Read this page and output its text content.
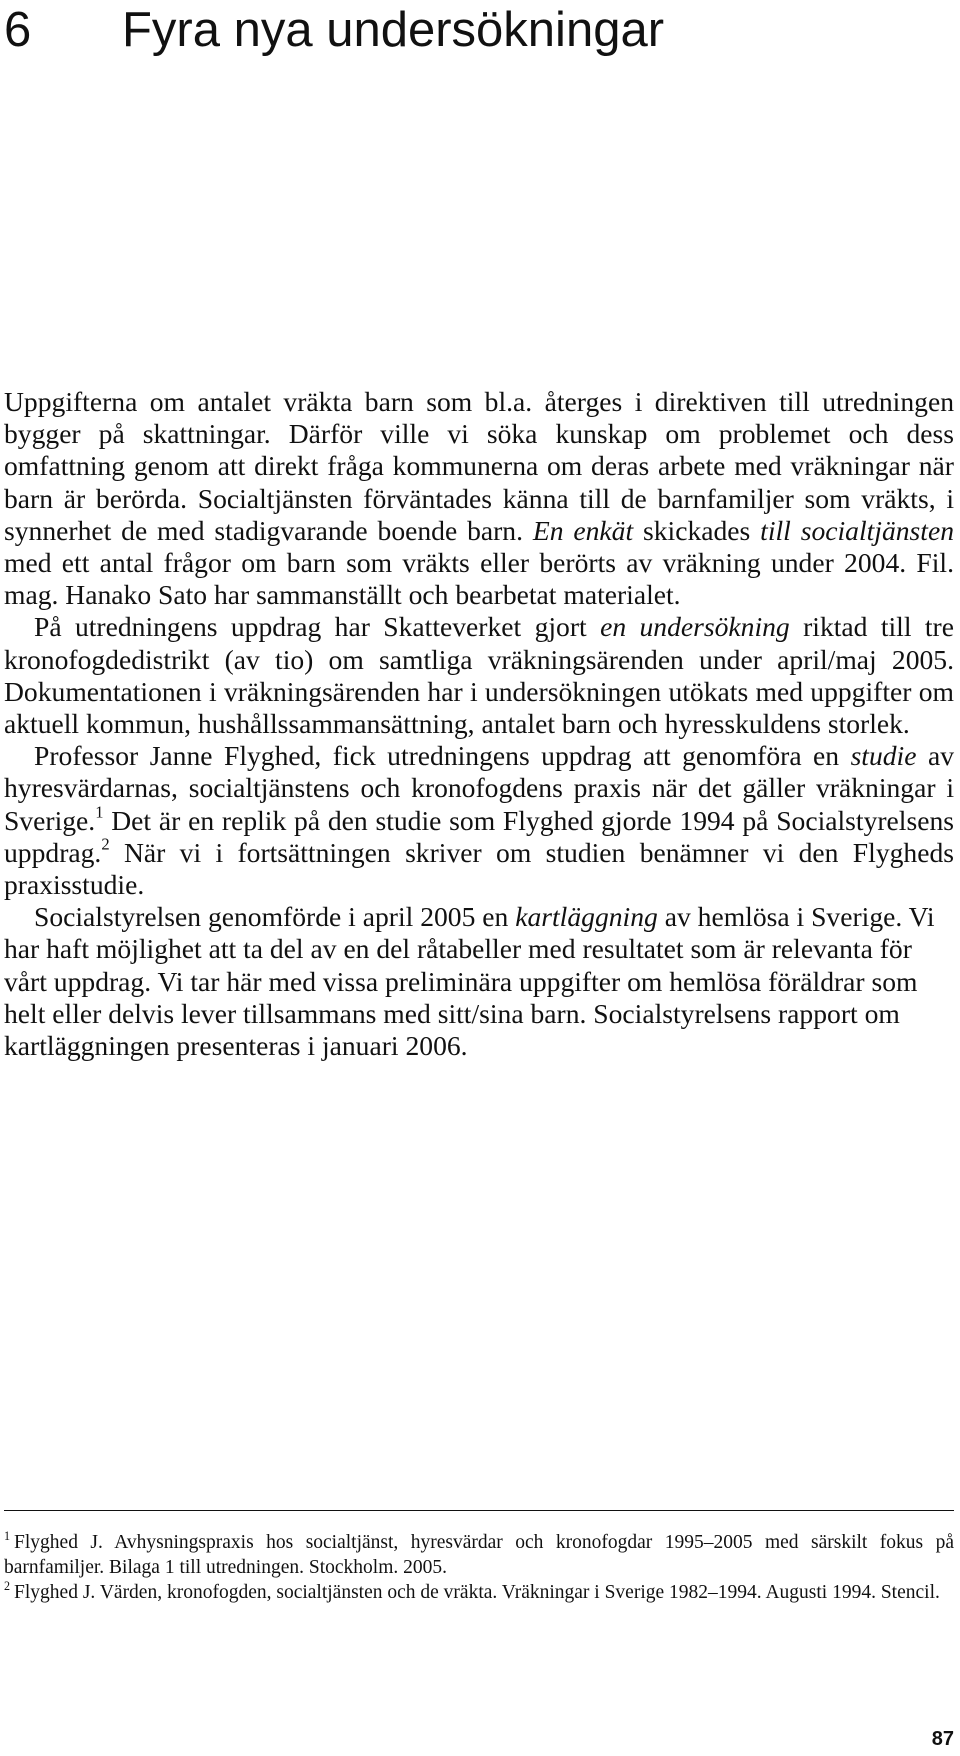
6 Fyra nya undersökningar

Uppgifterna om antalet vräkta barn som bl.a. återges i direktiven till utredningen bygger på skattningar. Därför ville vi söka kunskap om problemet och dess omfattning genom att direkt fråga kommunerna om deras arbete med vräkningar när barn är berörda. Socialtjänsten förväntades känna till de barnfamiljer som vräkts, i synnerhet de med stadigvarande boende barn. En enkät skickades till socialtjänsten med ett antal frågor om barn som vräkts eller berörts av vräkning under 2004. Fil. mag. Hanako Sato har sammanställt och bearbetat materialet.

På utredningens uppdrag har Skatteverket gjort en undersökning riktad till tre kronofogdedistrikt (av tio) om samtliga vräkningsärenden under april/maj 2005. Dokumentationen i vräkningsärenden har i undersökningen utökats med uppgifter om aktuell kommun, hushållssammansättning, antalet barn och hyresskuldens storlek.

Professor Janne Flyghed, fick utredningens uppdrag att genomföra en studie av hyresvärdarnas, socialtjänstens och kronofogdens praxis när det gäller vräkningar i Sverige.$^1$ Det är en replik på den studie som Flyghed gjorde 1994 på Socialstyrelsens uppdrag.$^2$ När vi i fortsättningen skriver om studien benämner vi den Flygheds praxisstudie.

Socialstyrelsen genomförde i april 2005 en kartläggning av hemlösa i Sverige. Vi har haft möjlighet att ta del av en del råtabeller med resultatet som är relevanta för vårt uppdrag. Vi tar här med vissa preliminära uppgifter om hemlösa föräldrar som helt eller delvis lever tillsammans med sitt/sina barn. Socialstyrelsens rapport om kartläggningen presenteras i januari 2006.

$^1$ Flyghed J. Avhysningspraxis hos socialtjänst, hyresvärdar och kronofogdar 1995–2005 med särskilt fokus på barnfamiljer. Bilaga 1 till utredningen. Stockholm. 2005.

$^2$ Flyghed J. Värden, kronofogden, socialtjänsten och de vräkta. Vräkningar i Sverige 1982–1994. Augusti 1994. Stencil.

87
